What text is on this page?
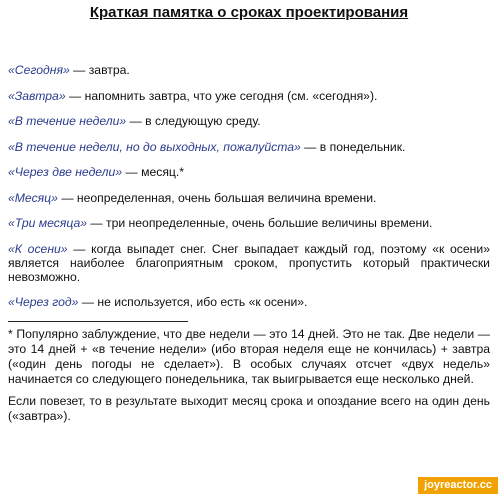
Краткая памятка о сроках проектирования

«Сегодня» — завтра.

«Завтра» — напомнить завтра, что уже сегодня (см. «сегодня»).

«В течение недели» — в следующую среду.

«В течение недели, но до выходных, пожалуйста» — в понедельник.

«Через две недели» — месяц.*

«Месяц» — неопределенная, очень большая величина времени.

«Три месяца» — три неопределенные, очень большие величины времени.

«К осени» — когда выпадет снег. Снег выпадает каждый год, поэтому «к осени» является наиболее благоприятным сроком, пропустить который практически невозможно.

«Через год» — не используется, ибо есть «к осени».

* Популярно заблуждение, что две недели — это 14 дней. Это не так. Две недели — это 14 дней + «в течение недели» (ибо вторая неделя еще не кончилась) + завтра («один день погоды не сделает»). В особых случаях отсчет «двух недель» начинается со следующего понедельника, так выигрывается еще несколько дней.

Если повезет, то в результате выходит месяц срока и опоздание всего на один день («завтра»).

joyreactor.cc
